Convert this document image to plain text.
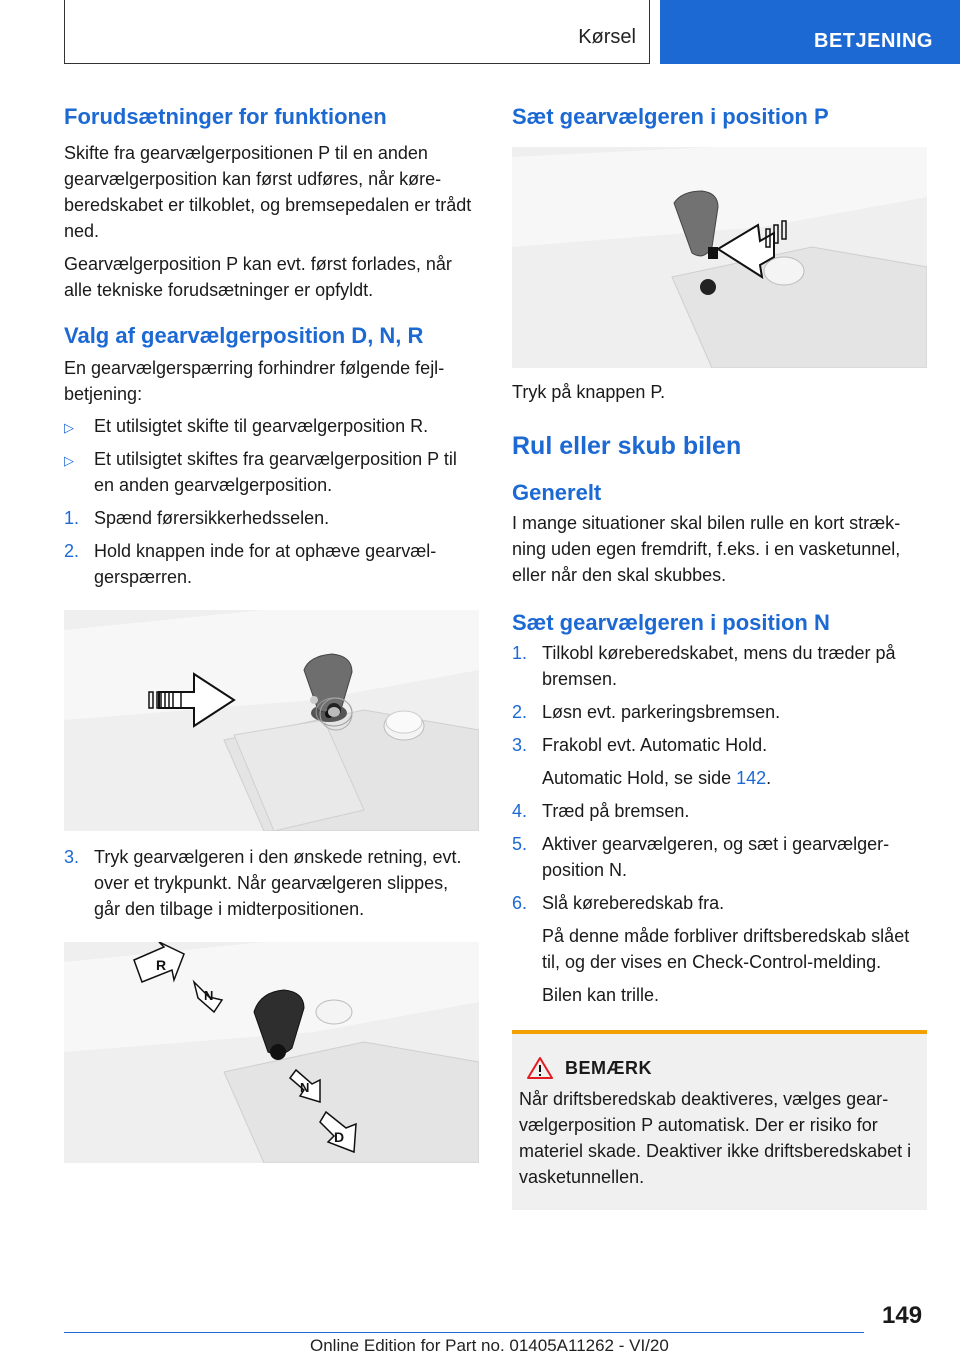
Kørsel	BETJENING
Forudsætninger for funktionen

Skifte fra gearvælgerpositionen P til en anden gearvælgerposition kan først udføres, når køreberedskabet er tilkoblet, og bremsepedalen er trådt ned.

Gearvælgerposition P kan evt. først forlades, når alle tekniske forudsætninger er opfyldt.

Valg af gearvælgerposition D, N, R

En gearvælgerspærring forhindrer følgende fejlbetjening:

▷ Et utilsigtet skifte til gearvælgerposition R.
▷ Et utilsigtet skiftes fra gearvælgerposition P til en anden gearvælgerposition.
1. Spænd førersikkerhedsselen.
2. Hold knappen inde for at ophæve gearvælgerspærren.
3. Tryk gearvælgeren i den ønskede retning, evt. over et trykpunkt. Når gearvælgeren slippes, går den tilbage i midterpositionen.
R
N
N
D
Sæt gearvælgeren i position P

Tryk på knappen P.

Rul eller skub bilen
Generelt

I mange situationer skal bilen rulle en kort strækning uden egen fremdrift, f.eks. i en vasketunnel, eller når den skal skubbes.

Sæt gearvælgeren i position N
1. Tilkobl køreberedskabet, mens du træder på bremsen.
2. Løsn evt. parkeringsbremsen.
3. Frakobl evt. Automatic Hold.
Automatic Hold, se side 142.
4. Træd på bremsen.
5. Aktiver gearvælgeren, og sæt i gearvælgerposition N.
6. Slå køreberedskab fra.
På denne måde forbliver driftsberedskab slået til, og der vises en Check-Control-melding.
Bilen kan trille.
BEMÆRK

Når driftsberedskab deaktiveres, vælges gearvælgerposition P automatisk. Der er risiko for materiel skade. Deaktiver ikke driftsberedskabet i vasketunnellen.

149
Online Edition for Part no. 01405A11262 - VI/20
